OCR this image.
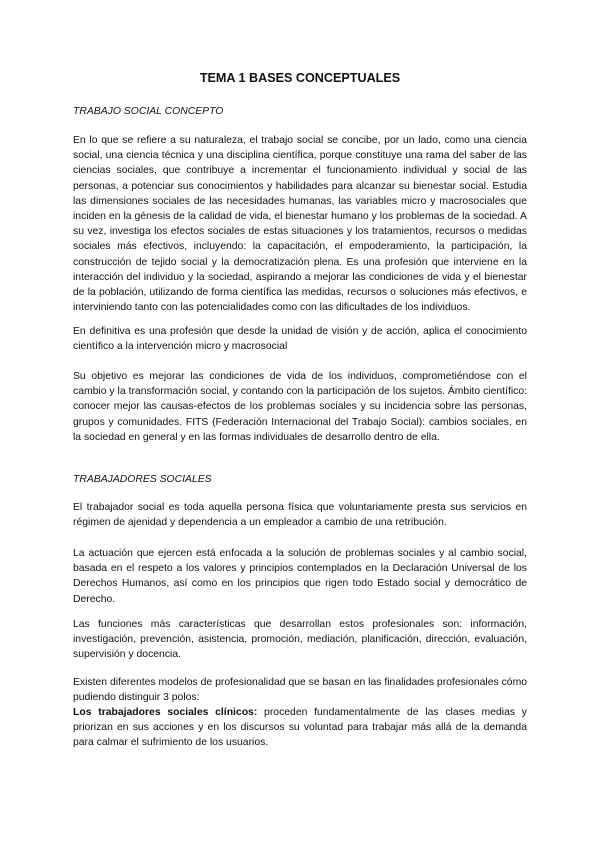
TEMA 1 BASES CONCEPTUALES
TRABAJO SOCIAL CONCEPTO

En lo que se refiere a su naturaleza, el trabajo social se concibe, por un lado, como una ciencia social, una ciencia técnica y una disciplina científica, porque constituye una rama del saber de las ciencias sociales, que contribuye a incrementar el funcionamiento individual y social de las personas, a potenciar sus conocimientos y habilidades para alcanzar su bienestar social. Estudia las dimensiones sociales de las necesidades humanas, las variables micro y macrosociales que inciden en la génesis de la calidad de vida, el bienestar humano y los problemas de la sociedad. A su vez, investiga los efectos sociales de estas situaciones y los tratamientos, recursos o medidas sociales más efectivos, incluyendo: la capacitación, el empoderamiento, la participación, la construcción de tejido social y la democratización plena. Es una profesión que interviene en la interacción del individuo y la sociedad, aspirando a mejorar las condiciones de vida y el bienestar de la población, utilizando de forma científica las medidas, recursos o soluciones más efectivos, e interviniendo tanto con las potencialidades como con las dificultades de los individuos.

En definitiva es una profesión que desde la unidad de visión y de acción, aplica el conocimiento científico a la intervención micro y macrosocial

Su objetivo es mejorar las condiciones de vida de los individuos, comprometiéndose con el cambio y la transformación social, y contando con la participación de los sujetos. Ámbito científico: conocer mejor las causas-efectos de los problemas sociales y su incidencia sobre las personas, grupos y comunidades. FITS (Federación Internacional del Trabajo Social): cambios sociales, en la sociedad en general y en las formas individuales de desarrollo dentro de ella.

TRABAJADORES SOCIALES

El trabajador social es toda aquella persona física que voluntariamente presta sus servicios en régimen de ajenidad y dependencia a un empleador a cambio de una retribución.

La actuación que ejercen está enfocada a la solución de problemas sociales y al cambio social, basada en el respeto a los valores y principios contemplados en la Declaración Universal de los Derechos Humanos, así como en los principios que rigen todo Estado social y democrático de Derecho.

Las funciones más características que desarrollan estos profesionales son: información, investigación, prevención, asistencia, promoción, mediación, planificación, dirección, evaluación, supervisión y docencia.

Existen diferentes modelos de profesionalidad que se basan en las finalidades profesionales cómo pudiendo distinguir 3 polos:

Los trabajadores sociales clínicos: proceden fundamentalmente de las clases medias y priorizan en sus acciones y en los discursos su voluntad para trabajar más allá de la demanda para calmar el sufrimiento de los usuarios.
